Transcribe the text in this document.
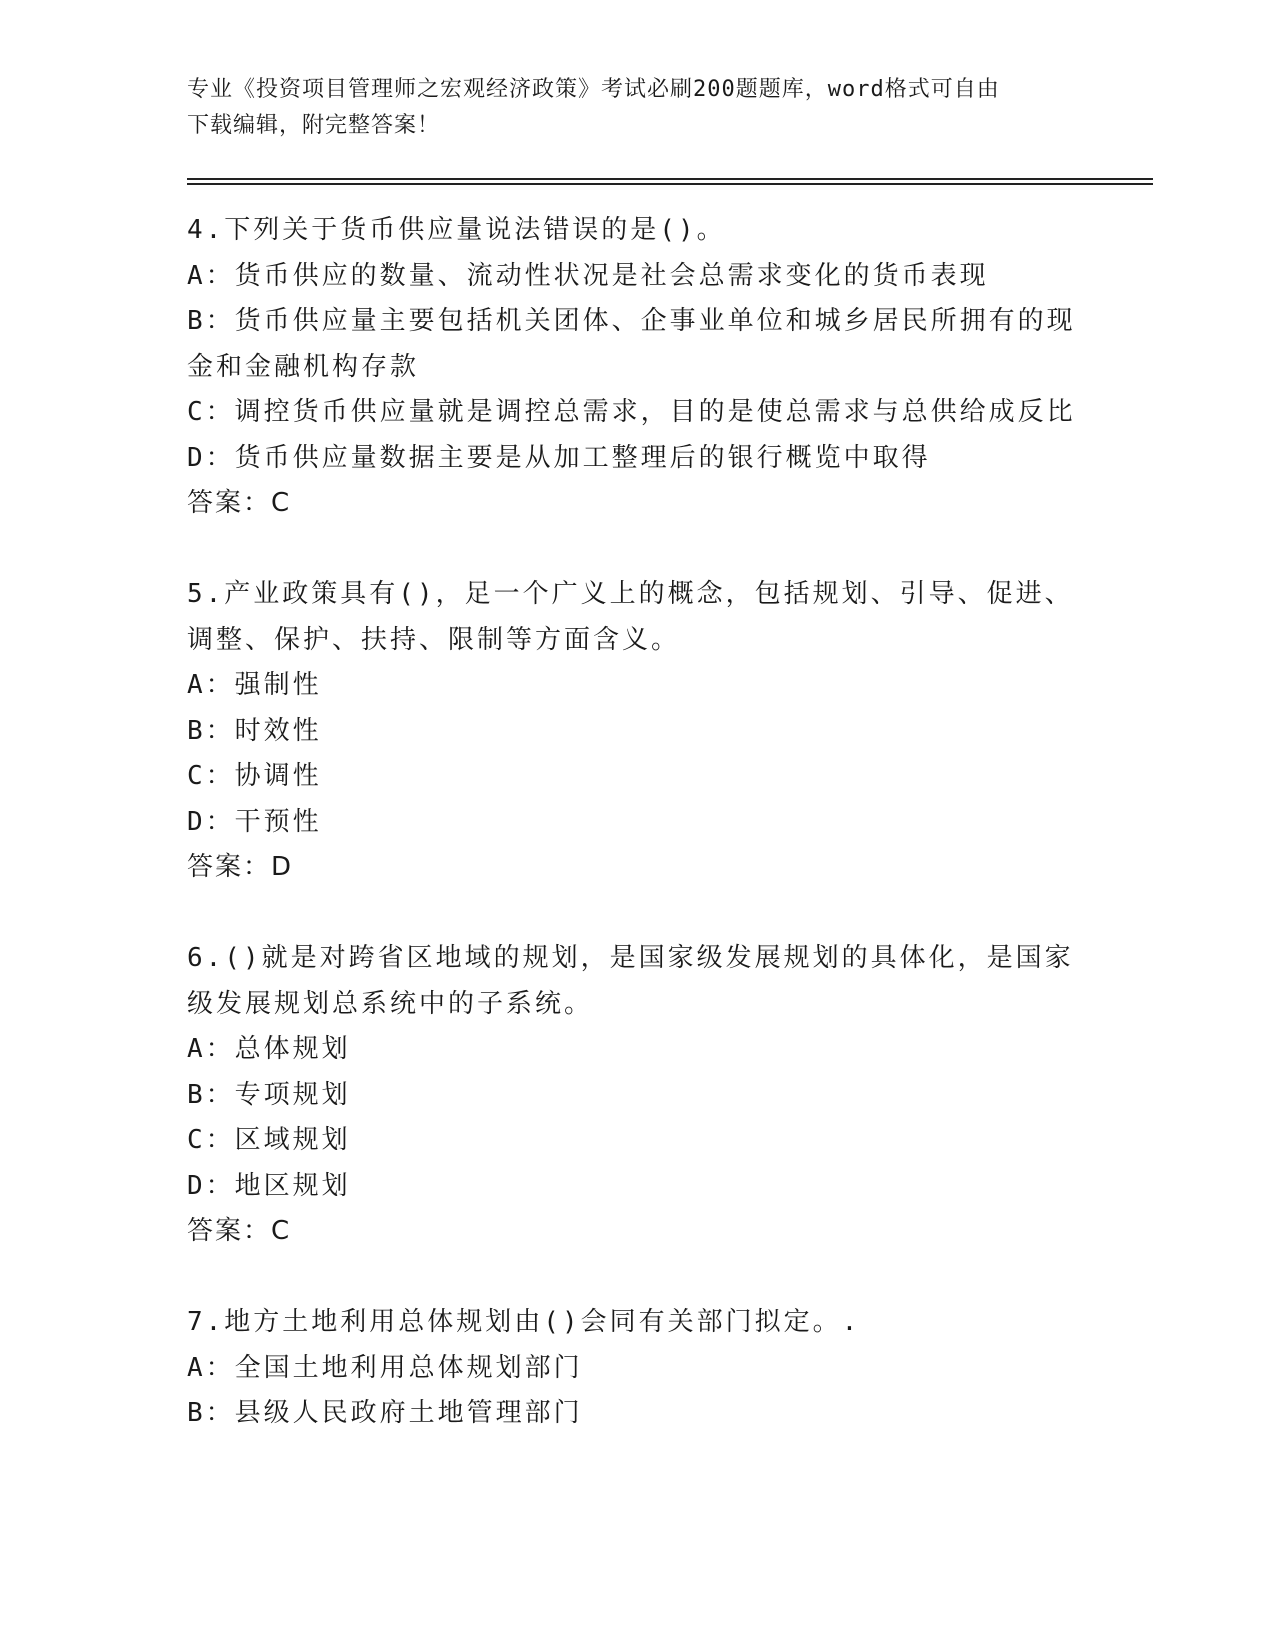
专业《投资项目管理师之宏观经济政策》考试必刷200题题库，word格式可自由
下载编辑，附完整答案！
4.下列关于货币供应量说法错误的是()。
A：货币供应的数量、流动性状况是社会总需求变化的货币表现
B：货币供应量主要包括机关团体、企事业单位和城乡居民所拥有的现
金和金融机构存款
C：调控货币供应量就是调控总需求，目的是使总需求与总供给成反比
D：货币供应量数据主要是从加工整理后的银行概览中取得
答案：C
5.产业政策具有()，足一个广义上的概念，包括规划、引导、促进、
调整、保护、扶持、限制等方面含义。
A：强制性
B：时效性
C：协调性
D：干预性
答案：D
6.()就是对跨省区地域的规划，是国家级发展规划的具体化，是国家
级发展规划总系统中的子系统。
A：总体规划
B：专项规划
C：区域规划
D：地区规划
答案：C
7.地方土地利用总体规划由()会同有关部门拟定。.
A：全国土地利用总体规划部门
B：县级人民政府土地管理部门
